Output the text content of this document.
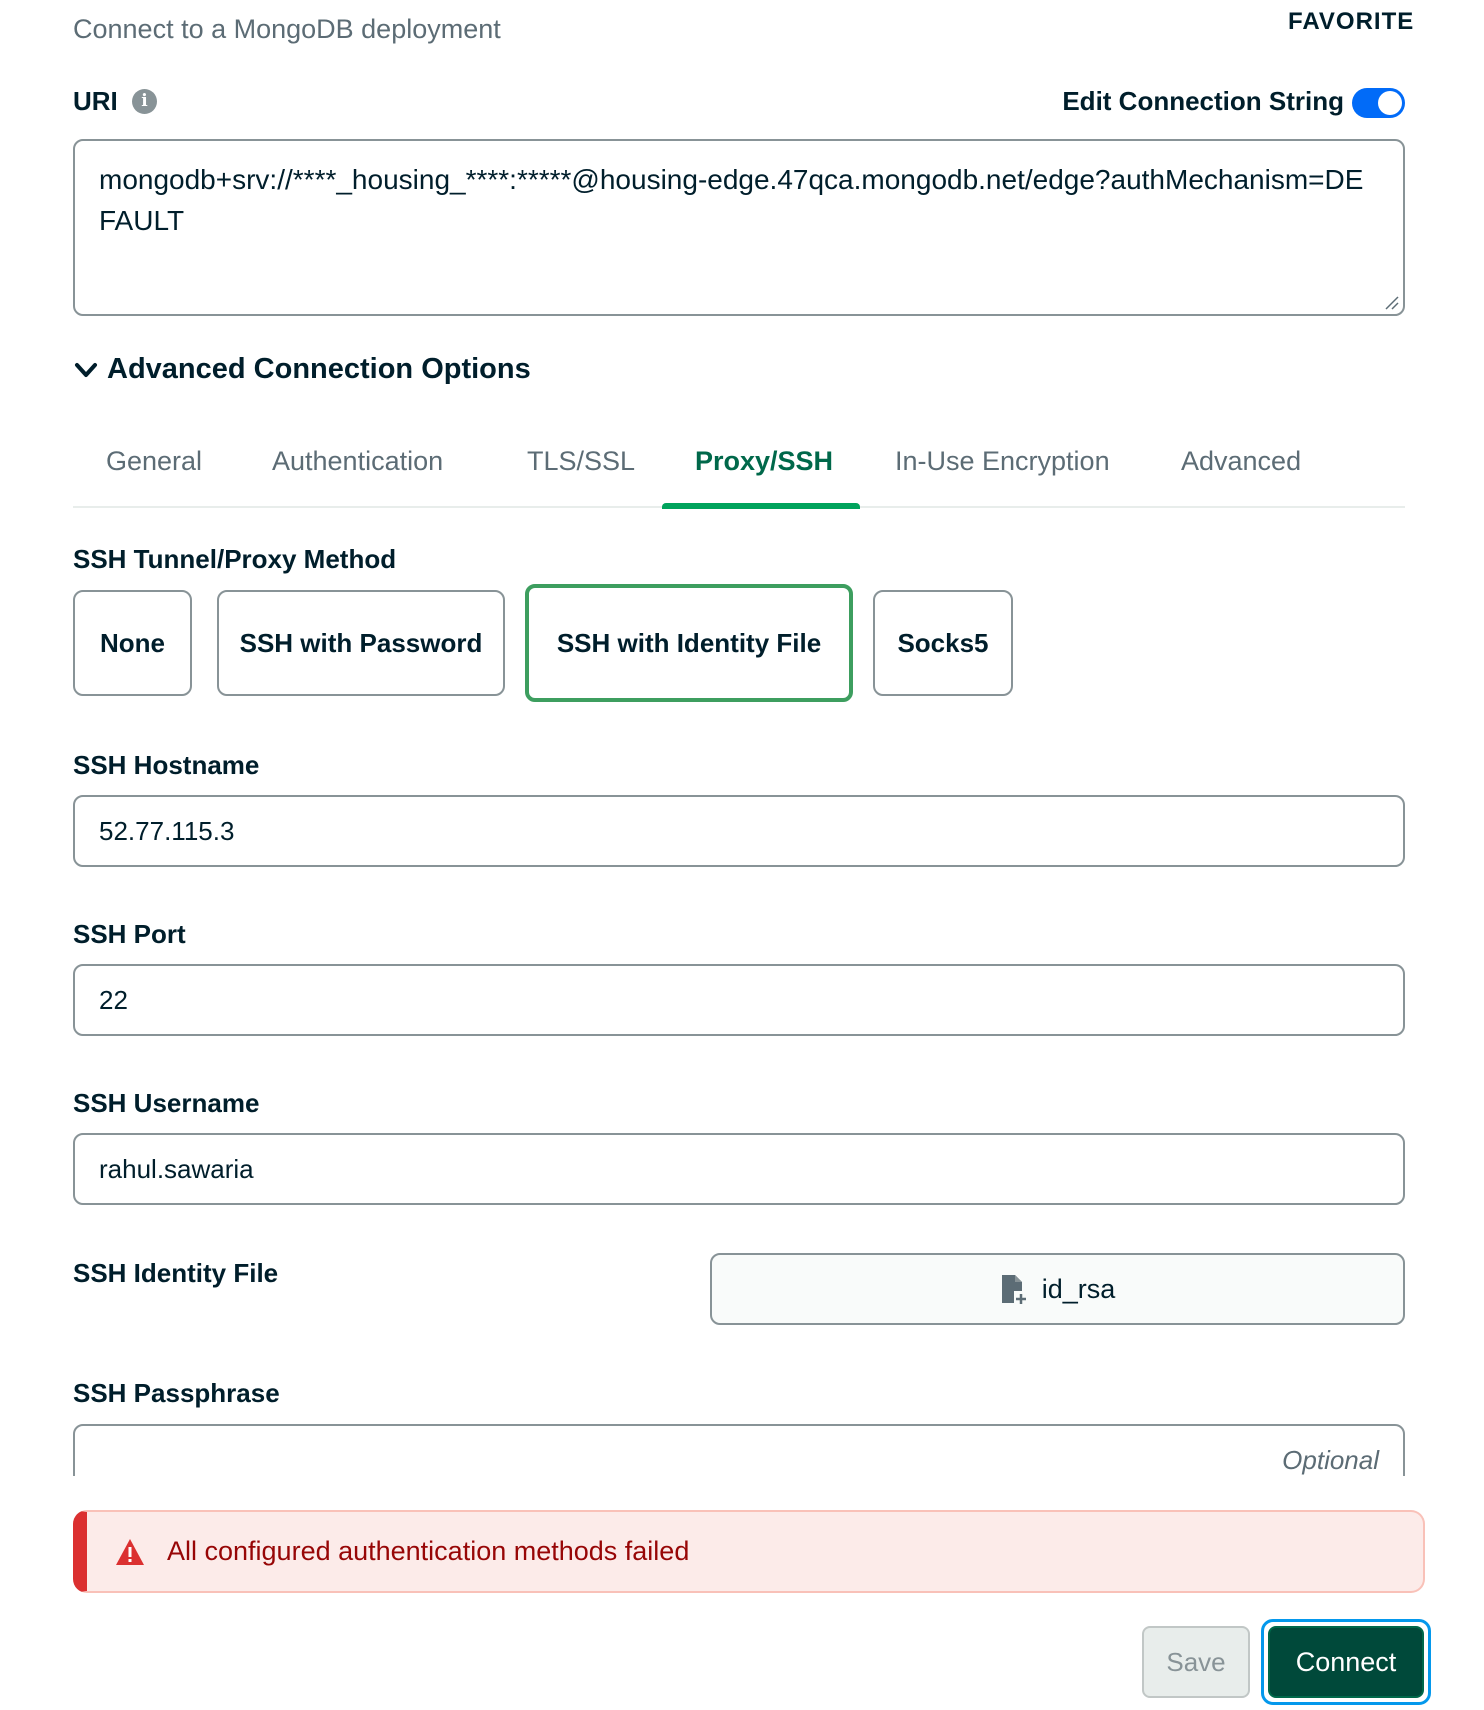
Connect to a MongoDB deployment	FAVORITE
URI	i	Edit Connection String
mongodb+srv://****_housing_****:*****@housing-edge.47qca.mongodb.net/edge?authMechanism=DEFAULT
Advanced Connection Options
General	Authentication	TLS/SSL Proxy/SSH In-Use Encryption	Advanced
SSH Tunnel/Proxy Method
None	SSH with Password	SSH with Identity File	Socks5
SSH Hostname
52.77.115.3
SSH Port
22
SSH Username
rahul.sawaria
SSH Identity File
id_rsa
SSH Passphrase
Optional
All configured authentication methods failed
Save	Connect
